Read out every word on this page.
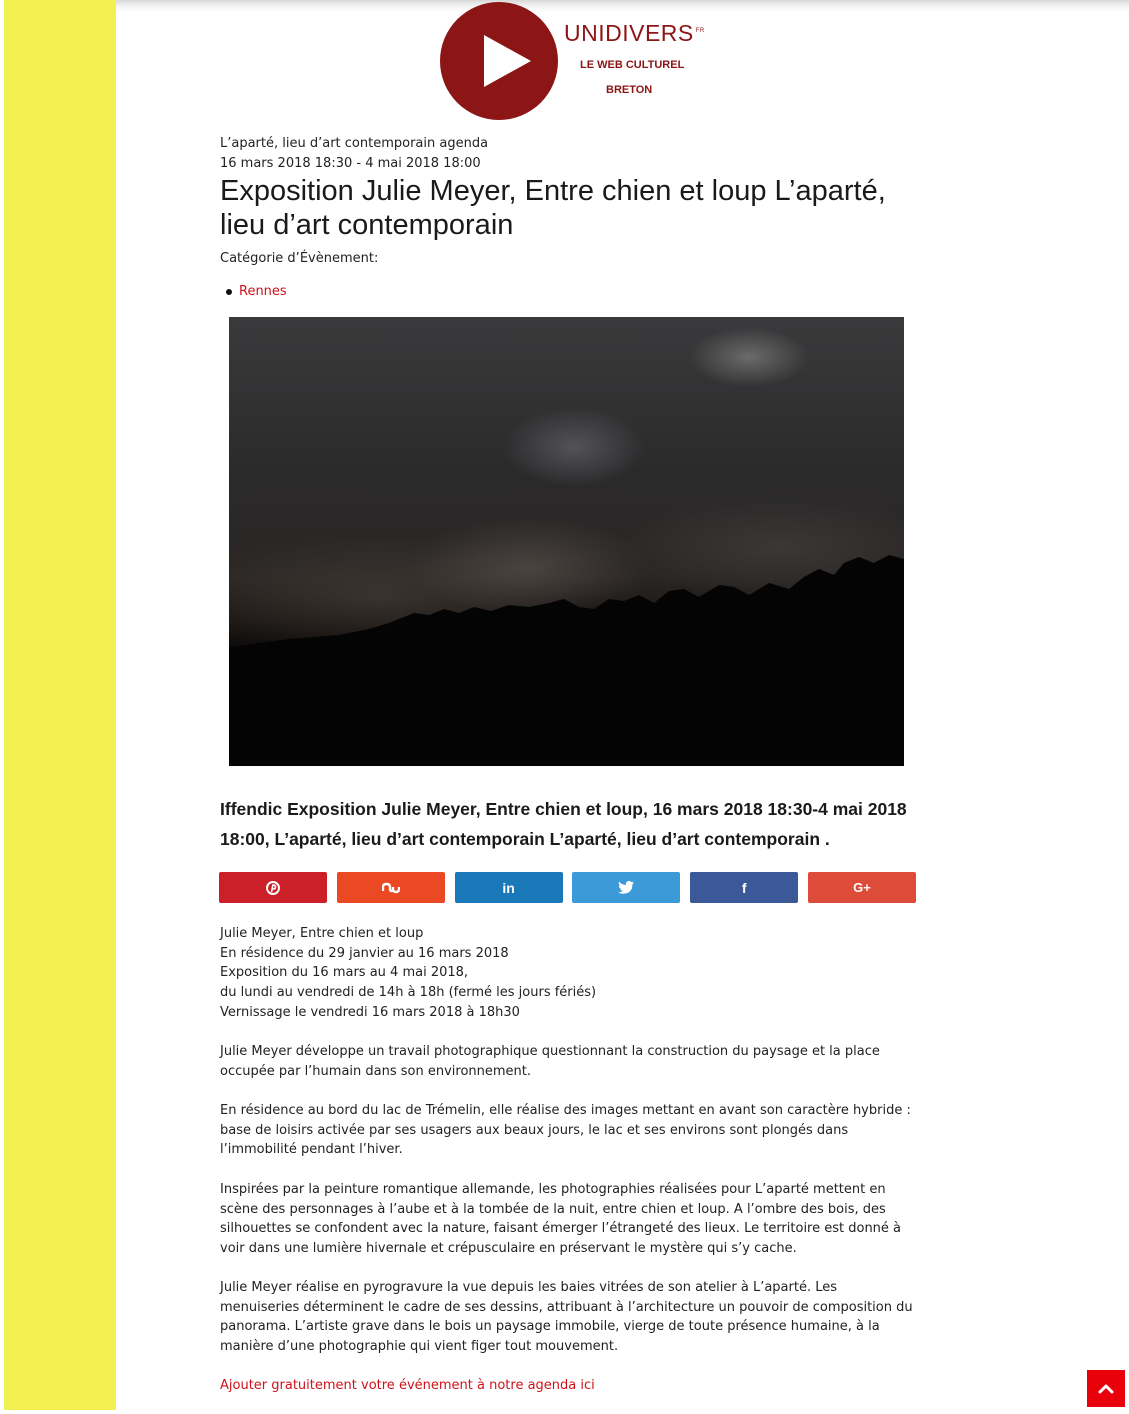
UNIDIVERS $^{FR}$
LE WEB CULTUREL
BRETON
L’aparté, lieu d’art contemporain agenda
16 mars 2018 18:30 - 4 mai 2018 18:00
Exposition Julie Meyer, Entre chien et loup L’aparté, lieu d’art contemporain
Catégorie d’Évènement:
Rennes

Iffendic Exposition Julie Meyer, Entre chien et loup, 16 mars 2018 18:30-4 mai 2018 18:00, L’aparté, lieu d’art contemporain L’aparté, lieu d’art contemporain .

in	f	G+

Julie Meyer, Entre chien et loup
En résidence du 29 janvier au 16 mars 2018
Exposition du 16 mars au 4 mai 2018,
du lundi au vendredi de 14h à 18h (fermé les jours fériés)
Vernissage le vendredi 16 mars 2018 à 18h30

Julie Meyer développe un travail photographique questionnant la construction du paysage et la place occupée par l’humain dans son environnement.

En résidence au bord du lac de Trémelin, elle réalise des images mettant en avant son caractère hybride : base de loisirs activée par ses usagers aux beaux jours, le lac et ses environs sont plongés dans l’immobilité pendant l’hiver.

Inspirées par la peinture romantique allemande, les photographies réalisées pour L’aparté mettent en scène des personnages à l’aube et à la tombée de la nuit, entre chien et loup. A l’ombre des bois, des silhouettes se confondent avec la nature, faisant émerger l’étrangeté des lieux. Le territoire est donné à voir dans une lumière hivernale et crépusculaire en préservant le mystère qui s’y cache.

Julie Meyer réalise en pyrogravure la vue depuis les baies vitrées de son atelier à L’aparté. Les menuiseries déterminent le cadre de ses dessins, attribuant à l’architecture un pouvoir de composition du panorama. L’artiste grave dans le bois un paysage immobile, vierge de toute présence humaine, à la manière d’une photographie qui vient figer tout mouvement.

Ajouter gratuitement votre événement à notre agenda ici
